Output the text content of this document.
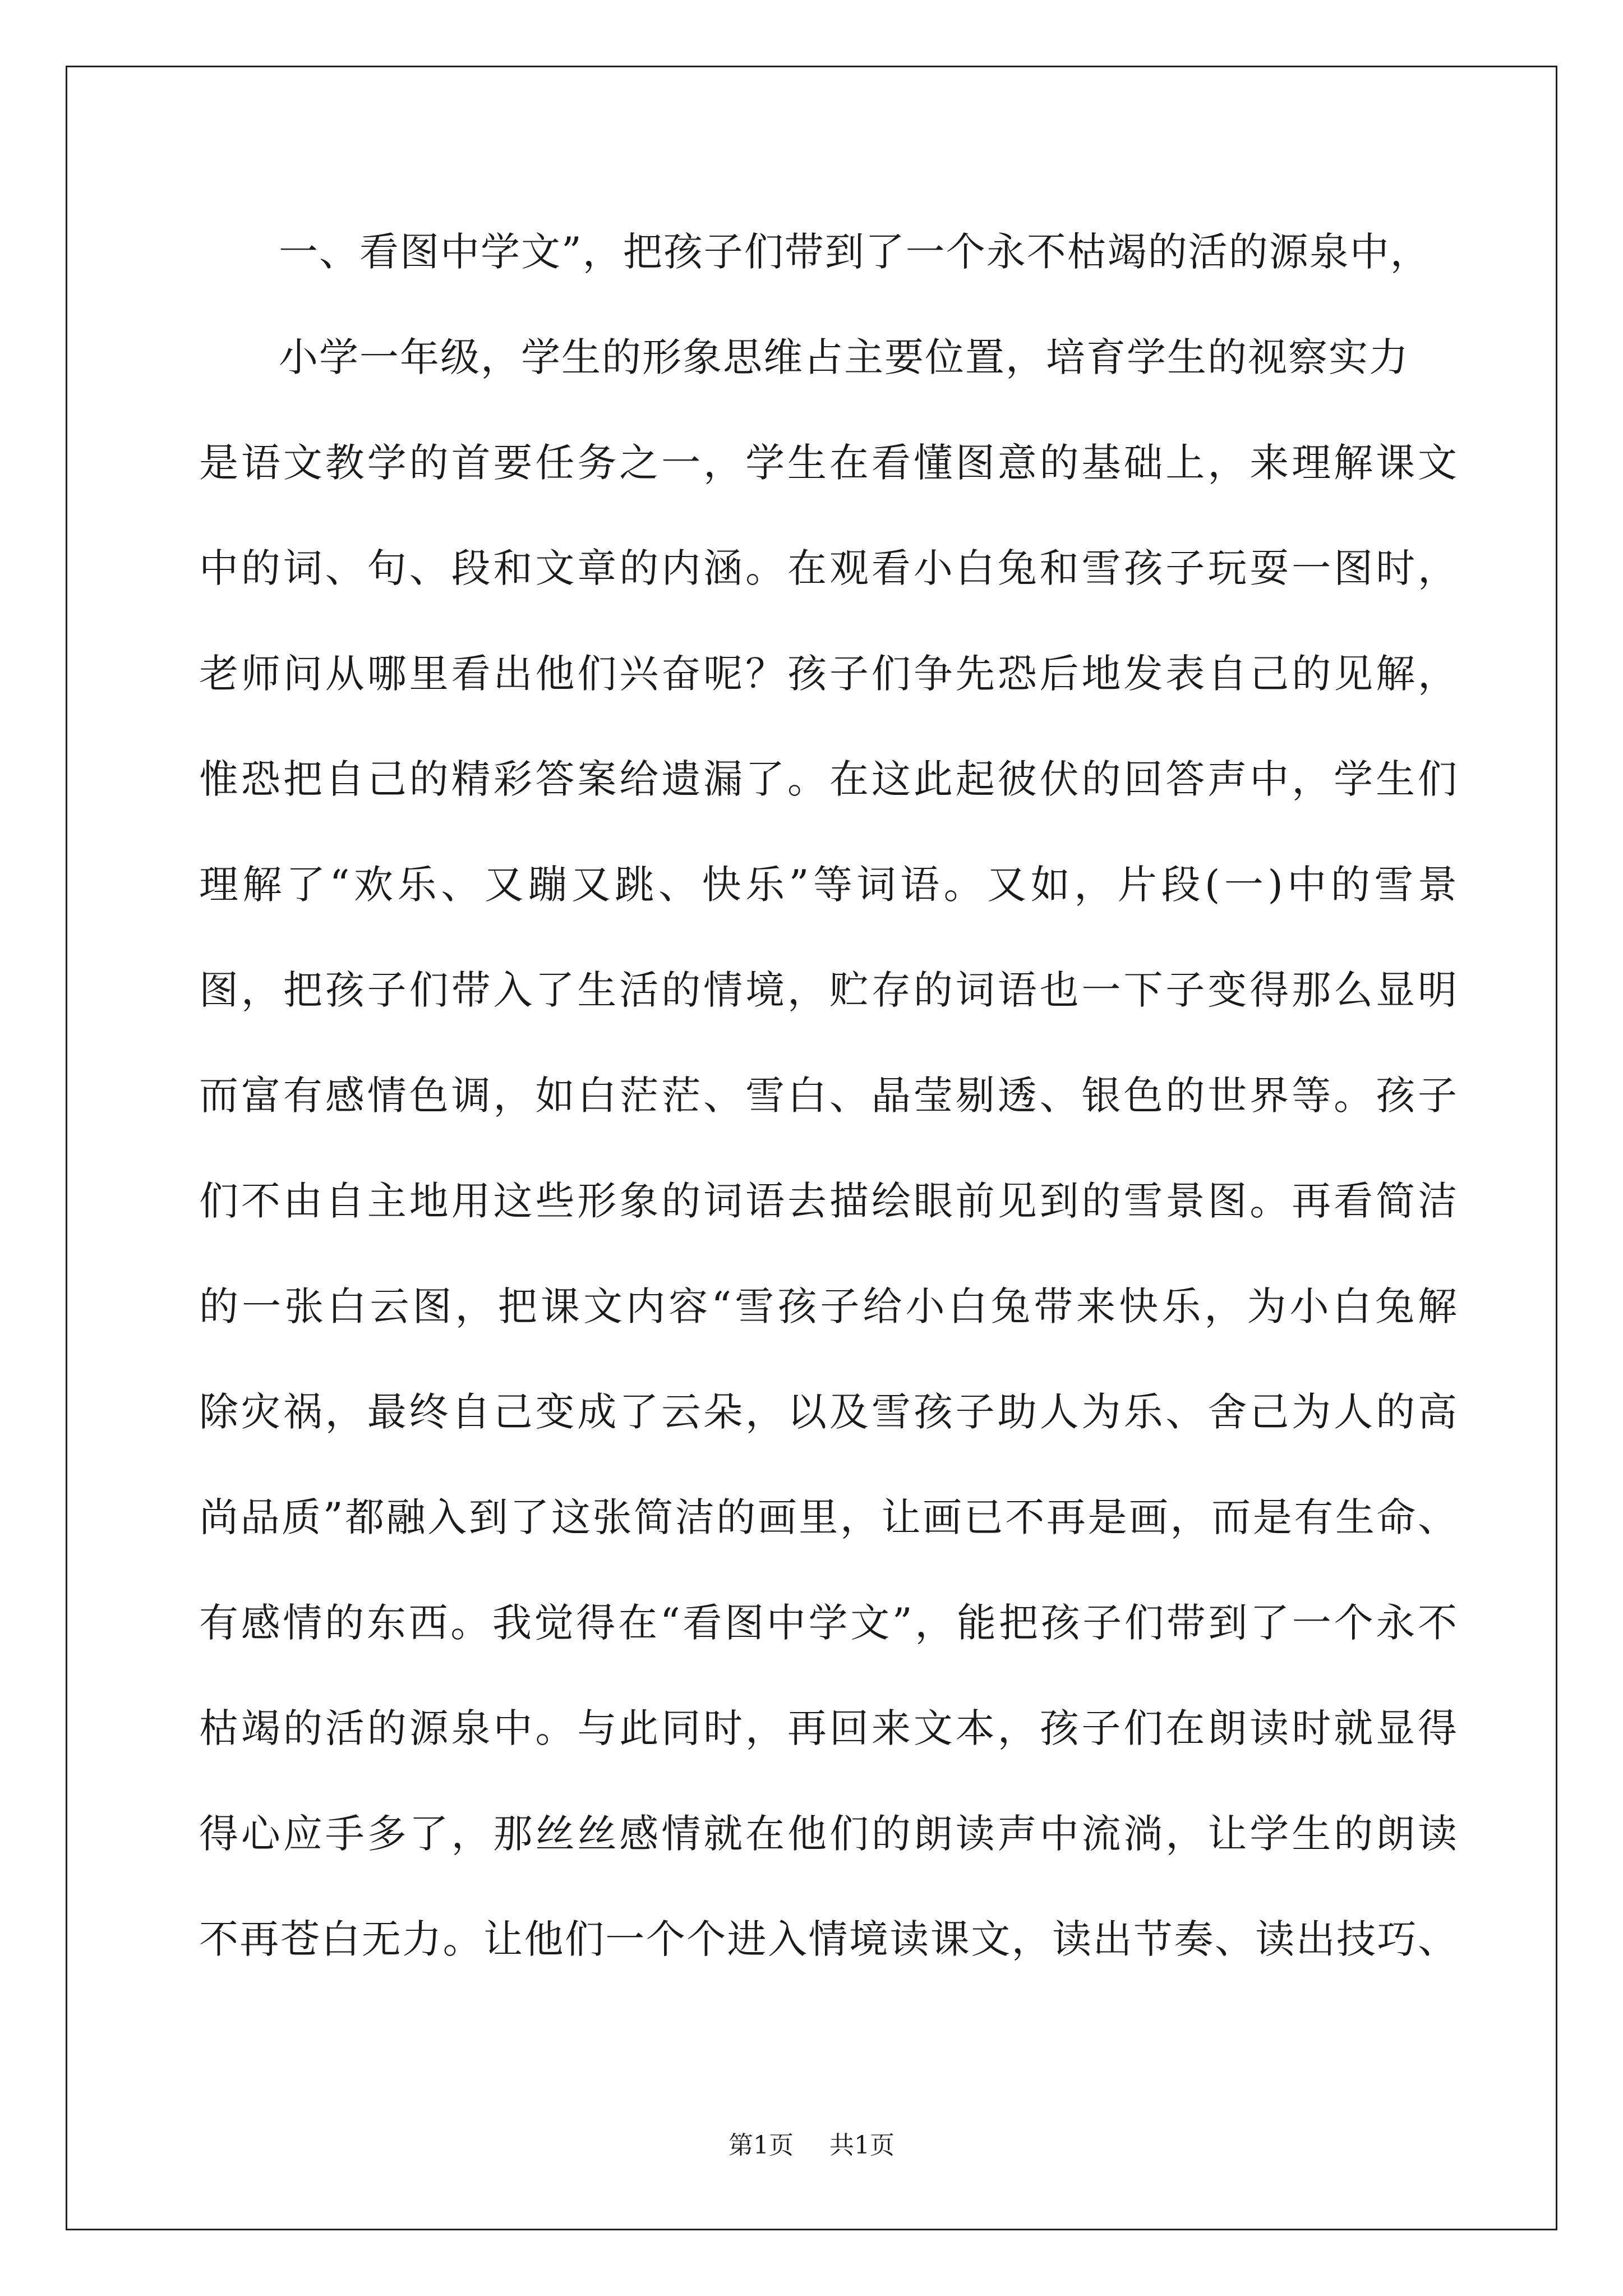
一、看图中学文”，把孩子们带到了一个永不枯竭的活的源泉中，
小学一年级，学生的形象思维占主要位置，培育学生的视察实力
是语文教学的首要任务之一，学生在看懂图意的基础上，来理解课文
中的词、句、段和文章的内涵。在观看小白兔和雪孩子玩耍一图时，
老师问从哪里看出他们兴奋呢？孩子们争先恐后地发表自己的见解，
惟恐把自己的精彩答案给遗漏了。在这此起彼伏的回答声中，学生们
理解了“欢乐、又蹦又跳、快乐”等词语。又如，片段(一)中的雪景
图，把孩子们带入了生活的情境，贮存的词语也一下子变得那么显明
而富有感情色调，如白茫茫、雪白、晶莹剔透、银色的世界等。孩子
们不由自主地用这些形象的词语去描绘眼前见到的雪景图。再看简洁
的一张白云图，把课文内容“雪孩子给小白兔带来快乐，为小白兔解
除灾祸，最终自己变成了云朵，以及雪孩子助人为乐、舍己为人的高
尚品质”都融入到了这张简洁的画里，让画已不再是画，而是有生命、
有感情的东西。我觉得在“看图中学文”，能把孩子们带到了一个永不
枯竭的活的源泉中。与此同时，再回来文本，孩子们在朗读时就显得
得心应手多了，那丝丝感情就在他们的朗读声中流淌，让学生的朗读
不再苍白无力。让他们一个个进入情境读课文，读出节奏、读出技巧、
第1页 共1页
